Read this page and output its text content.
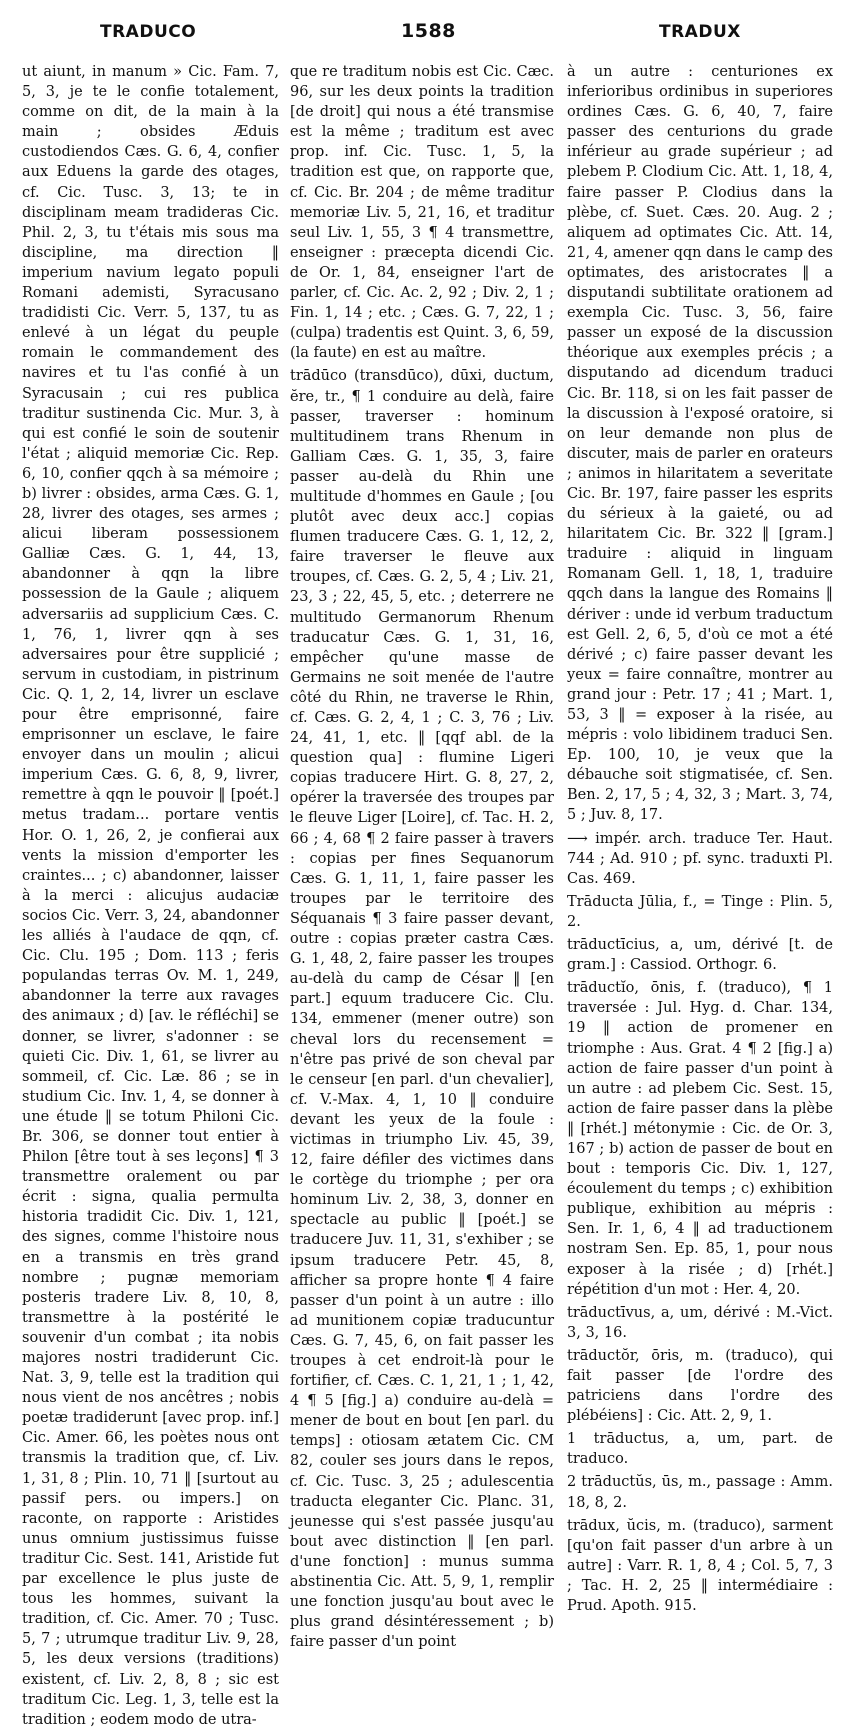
TRADUCO	1588	TRADUX

ut aiunt, in manum » Cic. Fam. 7, 5, 3, je te le confie totalement, comme on dit, de la main à la main ; obsides Æduis custodiendos Cæs. G. 6, 4, confier aux Eduens la garde des otages, cf. Cic. Tusc. 3, 13; te in disciplinam meam tradideras Cic. Phil. 2, 3, tu t'étais mis sous ma discipline, ma direction ‖ imperium navium legato populi Romani ademisti, Syracusano tradidisti Cic. Verr. 5, 137, tu as enlevé à un légat du peuple romain le commandement des navires et tu l'as confié à un Syracusain ; cui res publica traditur sustinenda Cic. Mur. 3, à qui est confié le soin de soutenir l'état ; aliquid memoriæ Cic. Rep. 6, 10, confier qqch à sa mémoire ; b) livrer : obsides, arma Cæs. G. 1, 28, livrer des otages, ses armes ; alicui liberam possessionem Galliæ Cæs. G. 1, 44, 13, abandonner à qqn la libre possession de la Gaule ; aliquem adversariis ad supplicium Cæs. C. 1, 76, 1, livrer qqn à ses adversaires pour être supplicié ; servum in custodiam, in pistrinum Cic. Q. 1, 2, 14, livrer un esclave pour être emprisonné, faire emprisonner un esclave, le faire envoyer dans un moulin ; alicui imperium Cæs. G. 6, 8, 9, livrer, remettre à qqn le pouvoir ‖ [poét.] metus tradam... portare ventis Hor. O. 1, 26, 2, je confierai aux vents la mission d'emporter les craintes... ; c) abandonner, laisser à la merci : alicujus audaciæ socios Cic. Verr. 3, 24, abandonner les alliés à l'audace de qqn, cf. Cic. Clu. 195 ; Dom. 113 ; feris populandas terras Ov. M. 1, 249, abandonner la terre aux ravages des animaux ; d) [av. le réfléchi] se donner, se livrer, s'adonner : se quieti Cic. Div. 1, 61, se livrer au sommeil, cf. Cic. Læ. 86 ; se in studium Cic. Inv. 1, 4, se donner à une étude ‖ se totum Philoni Cic. Br. 306, se donner tout entier à Philon [être tout à ses leçons] ¶ 3 transmettre oralement ou par écrit : signa, qualia permulta historia tradidit Cic. Div. 1, 121, des signes, comme l'histoire nous en a transmis en très grand nombre ; pugnæ memoriam posteris tradere Liv. 8, 10, 8, transmettre à la postérité le souvenir d'un combat ; ita nobis majores nostri tradiderunt Cic. Nat. 3, 9, telle est la tradition qui nous vient de nos ancêtres ; nobis poetæ tradiderunt [avec prop. inf.] Cic. Amer. 66, les poètes nous ont transmis la tradition que, cf. Liv. 1, 31, 8 ; Plin. 10, 71 ‖ [surtout au passif pers. ou impers.] on raconte, on rapporte : Aristides unus omnium justissimus fuisse traditur Cic. Sest. 141, Aristide fut par excellence le plus juste de tous les hommes, suivant la tradition, cf. Cic. Amer. 70 ; Tusc. 5, 7 ; utrumque traditur Liv. 9, 28, 5, les deux versions (traditions) existent, cf. Liv. 2, 8, 8 ; sic est traditum Cic. Leg. 1, 3, telle est la tradition ; eodem modo de utra-

que re traditum nobis est Cic. Cæc. 96, sur les deux points la tradition [de droit] qui nous a été transmise est la même ; traditum est avec prop. inf. Cic. Tusc. 1, 5, la tradition est que, on rapporte que, cf. Cic. Br. 204 ; de même traditur memoriæ Liv. 5, 21, 16, et traditur seul Liv. 1, 55, 3 ¶ 4 transmettre, enseigner : præcepta dicendi Cic. de Or. 1, 84, enseigner l'art de parler, cf. Cic. Ac. 2, 92 ; Div. 2, 1 ; Fin. 1, 14 ; etc. ; Cæs. G. 7, 22, 1 ; (culpa) tradentis est Quint. 3, 6, 59, (la faute) en est au maître.

trādūco (transdūco), dūxi, ductum, ĕre, tr., ¶ 1 conduire au delà, faire passer, traverser : hominum multitudinem trans Rhenum in Galliam Cæs. G. 1, 35, 3, faire passer au-delà du Rhin une multitude d'hommes en Gaule ; [ou plutôt avec deux acc.] copias flumen traducere Cæs. G. 1, 12, 2, faire traverser le fleuve aux troupes, cf. Cæs. G. 2, 5, 4 ; Liv. 21, 23, 3 ; 22, 45, 5, etc. ; deterrere ne multitudo Germanorum Rhenum traducatur Cæs. G. 1, 31, 16, empêcher qu'une masse de Germains ne soit menée de l'autre côté du Rhin, ne traverse le Rhin, cf. Cæs. G. 2, 4, 1 ; C. 3, 76 ; Liv. 24, 41, 1, etc. ‖ [qqf abl. de la question qua] : flumine Ligeri copias traducere Hirt. G. 8, 27, 2, opérer la traversée des troupes par le fleuve Liger [Loire], cf. Tac. H. 2, 66 ; 4, 68 ¶ 2 faire passer à travers : copias per fines Sequanorum Cæs. G. 1, 11, 1, faire passer les troupes par le territoire des Séquanais ¶ 3 faire passer devant, outre : copias præter castra Cæs. G. 1, 48, 2, faire passer les troupes au-delà du camp de César ‖ [en part.] equum traducere Cic. Clu. 134, emmener (mener outre) son cheval lors du recensement = n'être pas privé de son cheval par le censeur [en parl. d'un chevalier], cf. V.-Max. 4, 1, 10 ‖ conduire devant les yeux de la foule : victimas in triumpho Liv. 45, 39, 12, faire défiler des victimes dans le cortège du triomphe ; per ora hominum Liv. 2, 38, 3, donner en spectacle au public ‖ [poét.] se traducere Juv. 11, 31, s'exhiber ; se ipsum traducere Petr. 45, 8, afficher sa propre honte ¶ 4 faire passer d'un point à un autre : illo ad munitionem copiæ traducuntur Cæs. G. 7, 45, 6, on fait passer les troupes à cet endroit-là pour le fortifier, cf. Cæs. C. 1, 21, 1 ; 1, 42, 4 ¶ 5 [fig.] a) conduire au-delà = mener de bout en bout [en parl. du temps] : otiosam ætatem Cic. CM 82, couler ses jours dans le repos, cf. Cic. Tusc. 3, 25 ; adulescentia traducta eleganter Cic. Planc. 31, jeunesse qui s'est passée jusqu'au bout avec distinction ‖ [en parl. d'une fonction] : munus summa abstinentia Cic. Att. 5, 9, 1, remplir une fonction jusqu'au bout avec le plus grand désintéressement ; b) faire passer d'un point

à un autre : centuriones ex inferioribus ordinibus in superiores ordines Cæs. G. 6, 40, 7, faire passer des centurions du grade inférieur au grade supérieur ; ad plebem P. Clodium Cic. Att. 1, 18, 4, faire passer P. Clodius dans la plèbe, cf. Suet. Cæs. 20. Aug. 2 ; aliquem ad optimates Cic. Att. 14, 21, 4, amener qqn dans le camp des optimates, des aristocrates ‖ a disputandi subtilitate orationem ad exempla Cic. Tusc. 3, 56, faire passer un exposé de la discussion théorique aux exemples précis ; a disputando ad dicendum traduci Cic. Br. 118, si on les fait passer de la discussion à l'exposé oratoire, si on leur demande non plus de discuter, mais de parler en orateurs ; animos in hilaritatem a severitate Cic. Br. 197, faire passer les esprits du sérieux à la gaieté, ou ad hilaritatem Cic. Br. 322 ‖ [gram.] traduire : aliquid in linguam Romanam Gell. 1, 18, 1, traduire qqch dans la langue des Romains ‖ dériver : unde id verbum traductum est Gell. 2, 6, 5, d'où ce mot a été dérivé ; c) faire passer devant les yeux = faire connaître, montrer au grand jour : Petr. 17 ; 41 ; Mart. 1, 53, 3 ‖ = exposer à la risée, au mépris : volo libidinem traduci Sen. Ep. 100, 10, je veux que la débauche soit stigmatisée, cf. Sen. Ben. 2, 17, 5 ; 4, 32, 3 ; Mart. 3, 74, 5 ; Juv. 8, 17.

⟶ impér. arch. traduce Ter. Haut. 744 ; Ad. 910 ; pf. sync. traduxti Pl. Cas. 469.

Trāducta Jūlia, f., = Tinge : Plin. 5, 2.

trāductīcius, a, um, dérivé [t. de gram.] : Cassiod. Orthogr. 6.

trāductĭo, ōnis, f. (traduco), ¶ 1 traversée : Jul. Hyg. d. Char. 134, 19 ‖ action de promener en triomphe : Aus. Grat. 4 ¶ 2 [fig.] a) action de faire passer d'un point à un autre : ad plebem Cic. Sest. 15, action de faire passer dans la plèbe ‖ [rhét.] métonymie : Cic. de Or. 3, 167 ; b) action de passer de bout en bout : temporis Cic. Div. 1, 127, écoulement du temps ; c) exhibition publique, exhibition au mépris : Sen. Ir. 1, 6, 4 ‖ ad traductionem nostram Sen. Ep. 85, 1, pour nous exposer à la risée ; d) [rhét.] répétition d'un mot : Her. 4, 20.

trāductīvus, a, um, dérivé : M.-Vict. 3, 3, 16.

trāductŏr, ōris, m. (traduco), qui fait passer [de l'ordre des patriciens dans l'ordre des plébéiens] : Cic. Att. 2, 9, 1.

1 trāductus, a, um, part. de traduco.

2 trāductŭs, ūs, m., passage : Amm. 18, 8, 2.

trādux, ŭcis, m. (traduco), sarment [qu'on fait passer d'un arbre à un autre] : Varr. R. 1, 8, 4 ; Col. 5, 7, 3 ; Tac. H. 2, 25 ‖ intermédiaire : Prud. Apoth. 915.
